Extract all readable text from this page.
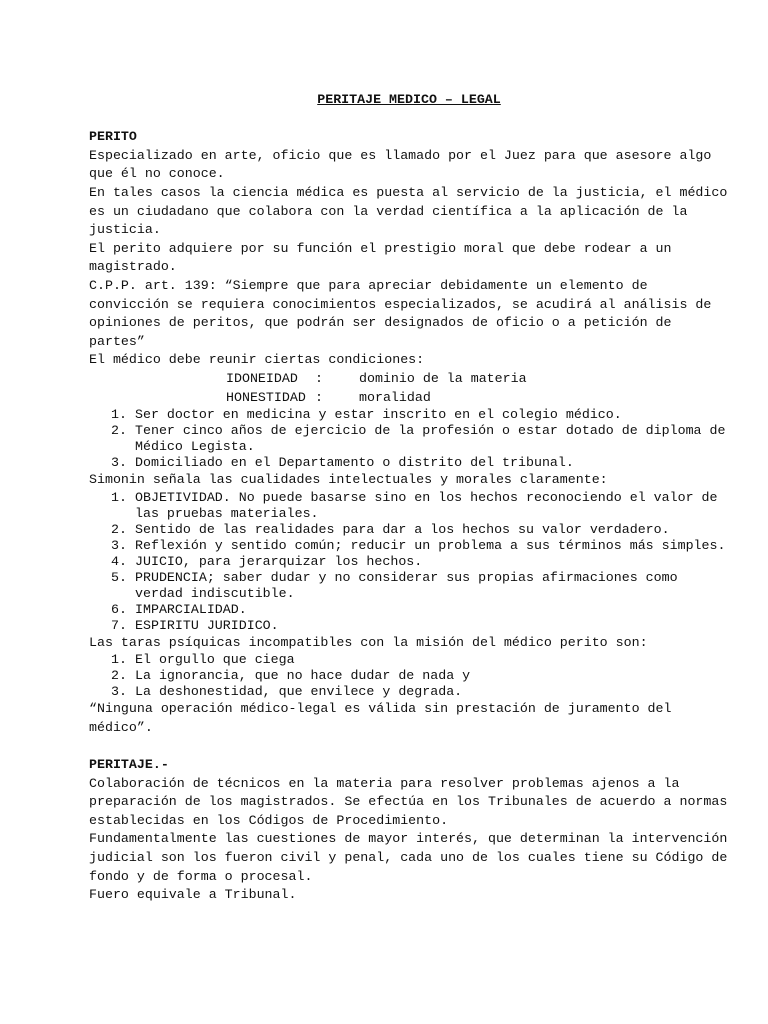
PERITAJE MEDICO – LEGAL
PERITO

Especializado en arte, oficio que es llamado por el Juez para que asesore algo que él no conoce.

En tales casos la ciencia médica es puesta al servicio de la justicia, el médico es un ciudadano que colabora con la verdad científica a la aplicación de la justicia.

El perito adquiere por su función el prestigio moral que debe rodear a un magistrado.

C.P.P. art. 139: “Siempre que para apreciar debidamente un elemento de convicción se requiera conocimientos especializados, se acudirá al análisis de opiniones de peritos, que podrán ser designados de oficio o a petición de partes”

El médico debe reunir ciertas condiciones:

IDONEIDAD :	dominio de la materia
HONESTIDAD :	moralidad
1. Ser doctor en medicina y estar inscrito en el colegio médico.
2. Tener cinco años de ejercicio de la profesión o estar dotado de diploma de Médico Legista.
3. Domiciliado en el Departamento o distrito del tribunal.

Simonin señala las cualidades intelectuales y morales claramente:

1. OBJETIVIDAD. No puede basarse sino en los hechos reconociendo el valor de las pruebas materiales.
2. Sentido de las realidades para dar a los hechos su valor verdadero.
3. Reflexión y sentido común; reducir un problema a sus términos más simples.
4. JUICIO, para jerarquizar los hechos.
5. PRUDENCIA; saber dudar y no considerar sus propias afirmaciones como verdad indiscutible.
6. IMPARCIALIDAD.
7. ESPIRITU JURIDICO.

Las taras psíquicas incompatibles con la misión del médico perito son:

1. El orgullo que ciega
2. La ignorancia, que no hace dudar de nada y
3. La deshonestidad, que envilece y degrada.

“Ninguna operación médico-legal es válida sin prestación de juramento del médico”.

PERITAJE.-

Colaboración de técnicos en la materia para resolver problemas ajenos a la preparación de los magistrados. Se efectúa en los Tribunales de acuerdo a normas establecidas en los Códigos de Procedimiento.

Fundamentalmente las cuestiones de mayor interés, que determinan la intervención judicial son los fueron civil y penal, cada uno de los cuales tiene su Código de fondo y de forma o procesal.

Fuero equivale a Tribunal.
